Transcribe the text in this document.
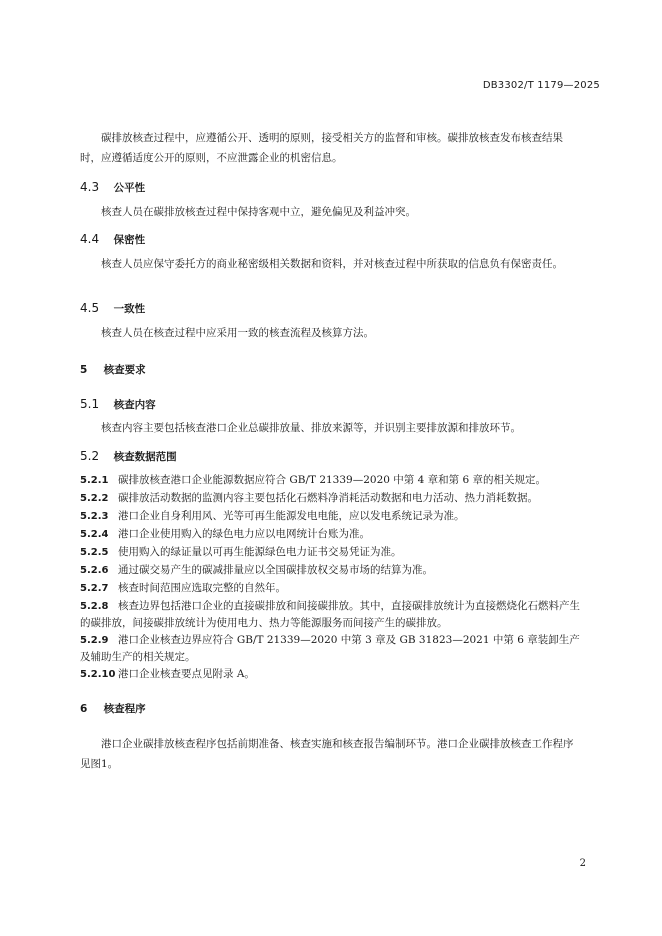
DB3302/T 1179—2025
碳排放核查过程中，应遵循公开、透明的原则，接受相关方的监督和审核。碳排放核查发布核查结果时，应遵循适度公开的原则，不应泄露企业的机密信息。
4.3 公平性
核查人员在碳排放核查过程中保持客观中立，避免偏见及利益冲突。
4.4 保密性
核查人员应保守委托方的商业秘密级相关数据和资料，并对核查过程中所获取的信息负有保密责任。
4.5 一致性
核查人员在核查过程中应采用一致的核查流程及核算方法。
5 核查要求
5.1 核查内容
核查内容主要包括核查港口企业总碳排放量、排放来源等，并识别主要排放源和排放环节。
5.2 核查数据范围
5.2.1 碳排放核查港口企业能源数据应符合 GB/T 21339—2020 中第 4 章和第 6 章的相关规定。
5.2.2 碳排放活动数据的监测内容主要包括化石燃料净消耗活动数据和电力活动、热力消耗数据。
5.2.3 港口企业自身利用风、光等可再生能源发电电能，应以发电系统记录为准。
5.2.4 港口企业使用购入的绿色电力应以电网统计台账为准。
5.2.5 使用购入的绿证量以可再生能源绿色电力证书交易凭证为准。
5.2.6 通过碳交易产生的碳减排量应以全国碳排放权交易市场的结算为准。
5.2.7 核查时间范围应选取完整的自然年。
5.2.8 核查边界包括港口企业的直接碳排放和间接碳排放。其中，直接碳排放统计为直接燃烧化石燃料产生的碳排放，间接碳排放统计为使用电力、热力等能源服务而间接产生的碳排放。
5.2.9 港口企业核查边界应符合 GB/T 21339—2020 中第 3 章及 GB 31823—2021 中第 6 章装卸生产及辅助生产的相关规定。
5.2.10 港口企业核查要点见附录 A。
6 核查程序
港口企业碳排放核查程序包括前期准备、核查实施和核查报告编制环节。港口企业碳排放核查工作程序见图1。
2
